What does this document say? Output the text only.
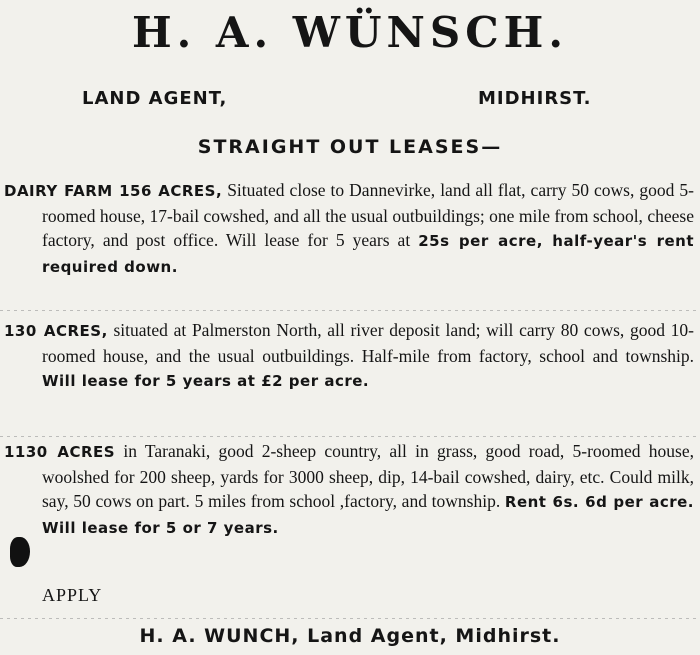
H. A. WÜNSCH.
LAND AGENT,	MIDHIRST.
STRAIGHT OUT LEASES—
DAIRY FARM 156 ACRES, Situated close to Dannevirke, land all flat, carry 50 cows, good 5-roomed house, 17-bail cowshed, and all the usual outbuildings; one mile from school, cheese factory, and post office. Will lease for 5 years at 25s per acre, half-year's rent required down.
130 ACRES, situated at Palmerston North, all river deposit land; will carry 80 cows, good 10-roomed house, and the usual outbuildings. Half-mile from factory, school and township. Will lease for 5 years at £2 per acre.
1130 ACRES in Taranaki, good 2-sheep country, all in grass, good road, 5-roomed house, woolshed for 200 sheep, yards for 3000 sheep, dip, 14-bail cowshed, dairy, etc. Could milk, say, 50 cows on part. 5 miles from school ,factory, and township. Rent 6s. 6d per acre. Will lease for 5 or 7 years.
APPLY
H. A. WUNCH, Land Agent, Midhirst.
